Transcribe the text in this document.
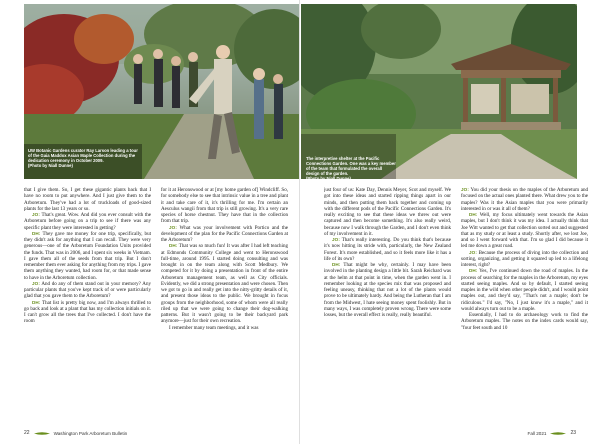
UW Botanic Gardens curator Ray Larson leading a tour of the Gaia Maddox Asian Maple Collection during the dedication ceremony in October 2009.
(Photo by Niall Dunne)

that I give them. So, I get these gigantic plants back that I have no room to put anywhere. And I just give them to the Arboretum. They've had a lot of truckloads of good-sized plants for the last 13 years or so.

JO: That's great. Wow. And did you ever consult with the Arboretum before going on a trip to see if there was any specific plant they were interested in getting?

DH: They gave me money for one trip, specifically, but they didn't ask for anything that I can recall. They were very generous—one of the Arboretum Foundation Units provided the funds. That was in 2006, and I spent six weeks in Vietnam. I gave them all of the seeds from that trip. But I don't remember them ever asking for anything from my trips. I gave them anything they wanted, had room for, or that made sense to have in the Arboretum collection.

JO: And do any of them stand out in your memory? Any particular plants that you've kept track of or were particularly glad that you gave them to the Arboretum?

DH: That list is pretty big now, and I'm always thrilled to go back and look at a plant that has my collection initials on it. I can't grow all the trees that I've collected. I don't have the room

for it at Heronswood or at [my home garden of] Windcliff. So, for somebody else to see that intrinsic value in a tree and plant it and take care of it, it's thrilling for me. I'm certain an Aesculus wangii from that trip is still growing. It's a very rare species of horse chestnut. They have that in the collection from that trip.

JO: What was your involvement with Portico and the development of the plan for the Pacific Connections Garden at the Arboretum?

DH: That was so much fun! It was after I had left teaching at Edmonds Community College and went to Heronswood full-time, around 1995. I started doing consulting and was brought in on the team along with Scott Medbury. We competed for it by doing a presentation in front of the entire Arboretum management team, as well as City officials. Evidently, we did a strong presentation and were chosen. Then we got to go in and really get into the nitty-gritty details of it, and present those ideas to the public. We brought in focus groups from the neighborhood, some of whom were all really riled up that we were going to change their dog-walking patterns. But it wasn't going to be their backyard park anymore—just for their own recreation.

I remember many team meetings, and it was

22	Washington Park Arboretum Bulletin
The interpretive shelter at the Pacific Connections Garden. One was a key member of the team that formulated the overall design of the garden.
(Photo by Niall Dunne)

just four of us: Kate Day, Dennis Meyer, Scot and myself. We got into these ideas and started ripping things apart in our minds, and then putting them back together and coming up with the different pods of the Pacific Connections Garden. It's really exciting to see that these ideas we threw out were captured and then become something. It's also really weird, because now I walk through the Garden, and I don't even think of my involvement in it.

JO: That's really interesting. Do you think that's because it's now hitting its stride with, particularly, the New Zealand Forest. It's more established, and so it feels more like it has a life of its own?

DH: That might be why, certainly. I may have been involved in the planting design a little bit. Sarah Reichard was at the helm at that point in time, when the garden went in. I remember looking at the species mix that was proposed and feeling uneasy, thinking that not a lot of the plants would prove to be ultimately hardy. And being the Lutheran that I am from the Midwest, I hate seeing money spent foolishly. But in many ways, I was completely proven wrong. There were some losses, but the overall effect is really, really beautiful.

JO: You did your thesis on the maples of the Arboretum and focused on the actual ones planted there. What drew you to the maples? Was it the Asian maples that you were primarily interested in or was it all of them?

DH: Well, my focus ultimately went towards the Asian maples, but I don't think it was my idea. I actually think that Joe Witt wanted to get that collection sorted out and suggested that as my study or at least a study. Shortly after, we lost Joe, and so I went forward with that. I'm so glad I did because it led me down a great road.

JO: Because the process of diving into the collection and sorting, organizing, and getting it squared up led to a lifelong interest, right?

DH: Yes, I've continued down the road of maples. In the process of searching for the maples in the Arboretum, my eyes started seeing maples. And so by default, I started seeing maples in the wild when other people didn't, and I would point maples out, and they'd say, "That's not a maple; don't be ridiculous." I'd say, "No, I just know it's a maple," and it would always turn out to be a maple.

Essentially, I had to do archaeology work to find the Arboretum maples. The notes on the index cards would say, "four feet south and 10

Fall 2021	23
